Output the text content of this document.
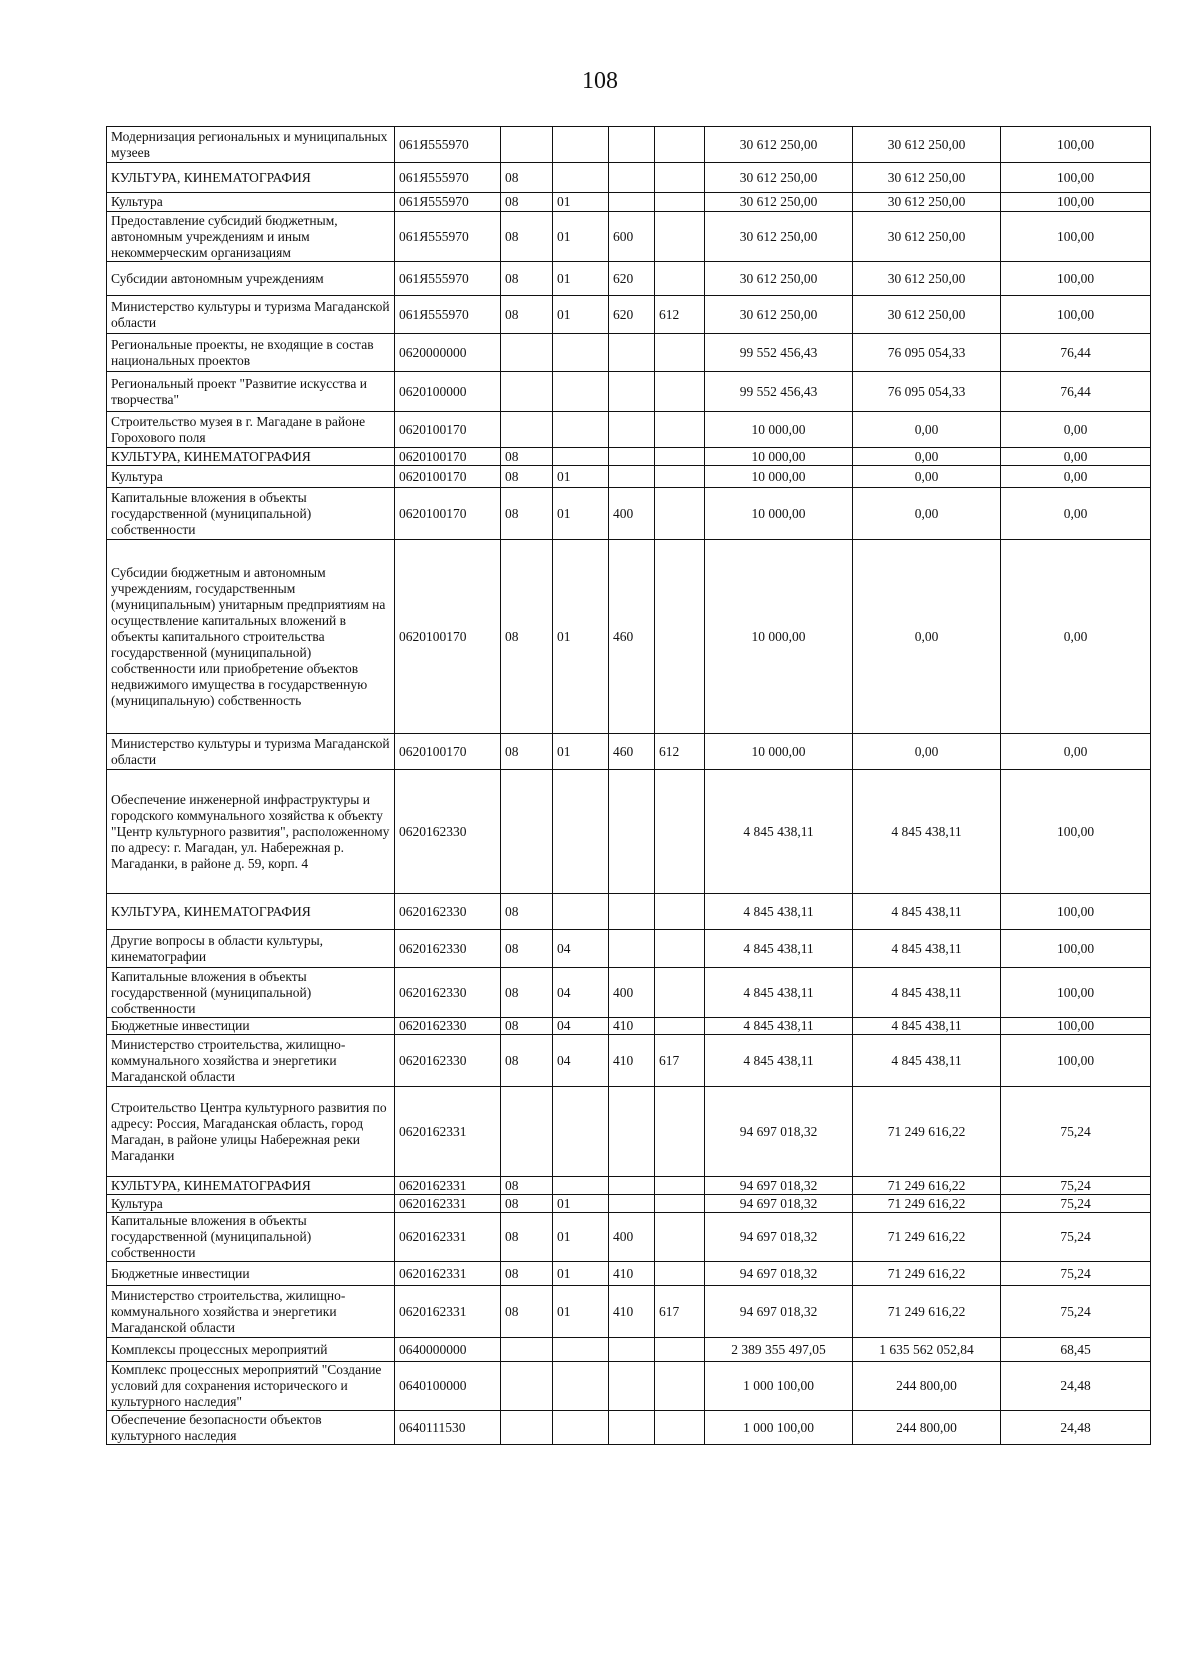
108
Модернизация региональных и муниципальных музеев	061Я555970					30 612 250,00	30 612 250,00	100,00
КУЛЬТУРА, КИНЕМАТОГРАФИЯ	061Я555970	08				30 612 250,00	30 612 250,00	100,00
Культура	061Я555970	08	01			30 612 250,00	30 612 250,00	100,00
Предоставление субсидий бюджетным, автономным учреждениям и иным некоммерческим организациям	061Я555970	08	01	600		30 612 250,00	30 612 250,00	100,00
Субсидии автономным учреждениям	061Я555970	08	01	620		30 612 250,00	30 612 250,00	100,00
Министерство культуры и туризма Магаданской области	061Я555970	08	01	620	612	30 612 250,00	30 612 250,00	100,00
Региональные проекты, не входящие в состав национальных проектов	0620000000					99 552 456,43	76 095 054,33	76,44
Региональный проект "Развитие искусства и творчества"	0620100000					99 552 456,43	76 095 054,33	76,44
Строительство музея в г. Магадане в районе Горохового поля	0620100170					10 000,00	0,00	0,00
КУЛЬТУРА, КИНЕМАТОГРАФИЯ	0620100170	08				10 000,00	0,00	0,00
Культура	0620100170	08	01			10 000,00	0,00	0,00
Капитальные вложения в объекты государственной (муниципальной) собственности	0620100170	08	01	400		10 000,00	0,00	0,00
Субсидии бюджетным и автономным учреждениям, государственным (муниципальным) унитарным предприятиям на осуществление капитальных вложений в объекты капитального строительства государственной (муниципальной) собственности или приобретение объектов недвижимого имущества в государственную (муниципальную) собственность	0620100170	08	01	460		10 000,00	0,00	0,00
Министерство культуры и туризма Магаданской области	0620100170	08	01	460	612	10 000,00	0,00	0,00
Обеспечение инженерной инфраструктуры и городского коммунального хозяйства к объекту "Центр культурного развития", расположенному по адресу: г. Магадан, ул. Набережная р. Магаданки, в районе д. 59, корп. 4	0620162330					4 845 438,11	4 845 438,11	100,00
КУЛЬТУРА, КИНЕМАТОГРАФИЯ	0620162330	08				4 845 438,11	4 845 438,11	100,00
Другие вопросы в области культуры, кинематографии	0620162330	08	04			4 845 438,11	4 845 438,11	100,00
Капитальные вложения в объекты государственной (муниципальной) собственности	0620162330	08	04	400		4 845 438,11	4 845 438,11	100,00
Бюджетные инвестиции	0620162330	08	04	410		4 845 438,11	4 845 438,11	100,00
Министерство строительства, жилищно-коммунального хозяйства и энергетики Магаданской области	0620162330	08	04	410	617	4 845 438,11	4 845 438,11	100,00
Строительство Центра культурного развития по адресу: Россия, Магаданская область, город Магадан, в районе улицы Набережная реки Магаданки	0620162331					94 697 018,32	71 249 616,22	75,24
КУЛЬТУРА, КИНЕМАТОГРАФИЯ	0620162331	08				94 697 018,32	71 249 616,22	75,24
Культура	0620162331	08	01			94 697 018,32	71 249 616,22	75,24
Капитальные вложения в объекты государственной (муниципальной) собственности	0620162331	08	01	400		94 697 018,32	71 249 616,22	75,24
Бюджетные инвестиции	0620162331	08	01	410		94 697 018,32	71 249 616,22	75,24
Министерство строительства, жилищно-коммунального хозяйства и энергетики Магаданской области	0620162331	08	01	410	617	94 697 018,32	71 249 616,22	75,24
Комплексы процессных мероприятий	0640000000					2 389 355 497,05	1 635 562 052,84	68,45
Комплекс процессных мероприятий "Создание условий для сохранения исторического и культурного наследия"	0640100000					1 000 100,00	244 800,00	24,48
Обеспечение безопасности объектов культурного наследия	0640111530					1 000 100,00	244 800,00	24,48
